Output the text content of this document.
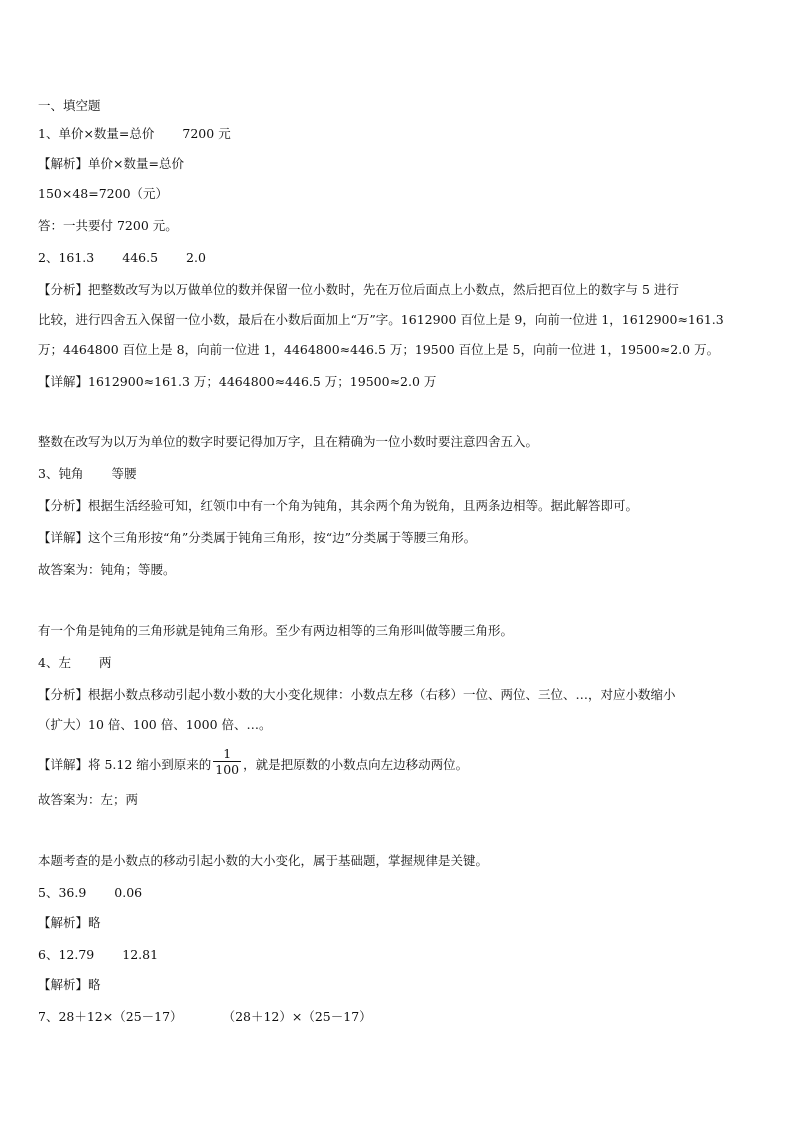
一、填空题
1、单价×数量=总价 7200 元
【解析】单价×数量=总价
150×48=7200（元）
答：一共要付 7200 元。
2、161.3 446.5 2.0
【分析】把整数改写为以万做单位的数并保留一位小数时，先在万位后面点上小数点，然后把百位上的数字与 5 进行
比较，进行四舍五入保留一位小数，最后在小数后面加上“万”字。1612900 百位上是 9，向前一位进 1，1612900≈161.3
万；4464800 百位上是 8，向前一位进 1，4464800≈446.5 万；19500 百位上是 5，向前一位进 1，19500≈2.0 万。
【详解】1612900≈161.3 万；4464800≈446.5 万；19500≈2.0 万
整数在改写为以万为单位的数字时要记得加万字，且在精确为一位小数时要注意四舍五入。
3、钝角 等腰
【分析】根据生活经验可知，红领巾中有一个角为钝角，其余两个角为锐角，且两条边相等。据此解答即可。
【详解】这个三角形按“角”分类属于钝角三角形，按“边”分类属于等腰三角形。
故答案为：钝角；等腰。
有一个角是钝角的三角形就是钝角三角形。至少有两边相等的三角形叫做等腰三角形。
4、左 两
【分析】根据小数点移动引起小数小数的大小变化规律：小数点左移（右移）一位、两位、三位、…，对应小数缩小
（扩大）10 倍、100 倍、1000 倍、…。
【详解】将 5.12 缩小到原来的 $\frac{1}{100}$ ，就是把原数的小数点向左边移动两位。
故答案为：左；两
本题考查的是小数点的移动引起小数的大小变化，属于基础题，掌握规律是关键。
5、36.9 0.06
【解析】略
6、12.79 12.81
【解析】略
7、28＋12×（25－17）	（28＋12）×（25－17）
